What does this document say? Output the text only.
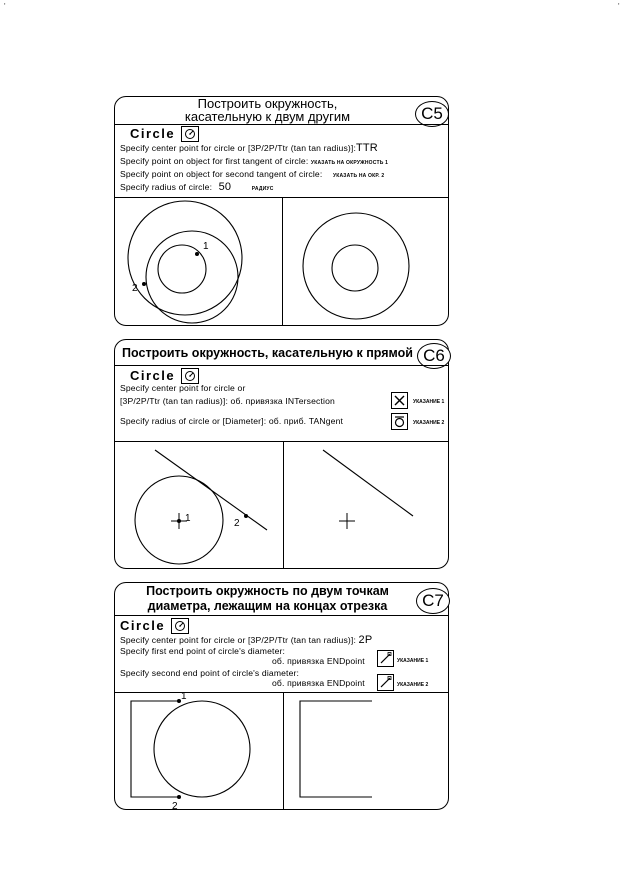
'	'
Построить окружность,
касательную к двум другим	C5
Circle
Specify center point for circle or [3P/2P/Ttr (tan tan radius)]:TTR
Specify point on object for first tangent of circle: УКАЗАТЬ НА ОКРУЖНОСТЬ 1
Specify point on object for second tangent of circle: УКАЗАТЬ НА ОКР. 2
Specify radius of circle: 50	РАДИУС
1
2
Построить окружность, касательную к прямой C6
Circle
Specify center point for circle or
[3P/2P/Ttr (tan tan radius)]: об. привязка INTersection	УКАЗАНИЕ 1
Specify radius of circle or [Diameter]: об. приб. TANgent	УКАЗАНИЕ 2
1	2
Построить окружность по двум точкам
диаметра, лежащим на концах отрезка	C7
Circle
Specify center point for circle or [3P/2P/Ttr (tan tan radius)]: 2P
Specify first end point of circle's diameter:
об. привязка ENDpoint	УКАЗАНИЕ 1
Specify second end point of circle's diameter:
об. привязка ENDpoint	УКАЗАНИЕ 2
1
2
